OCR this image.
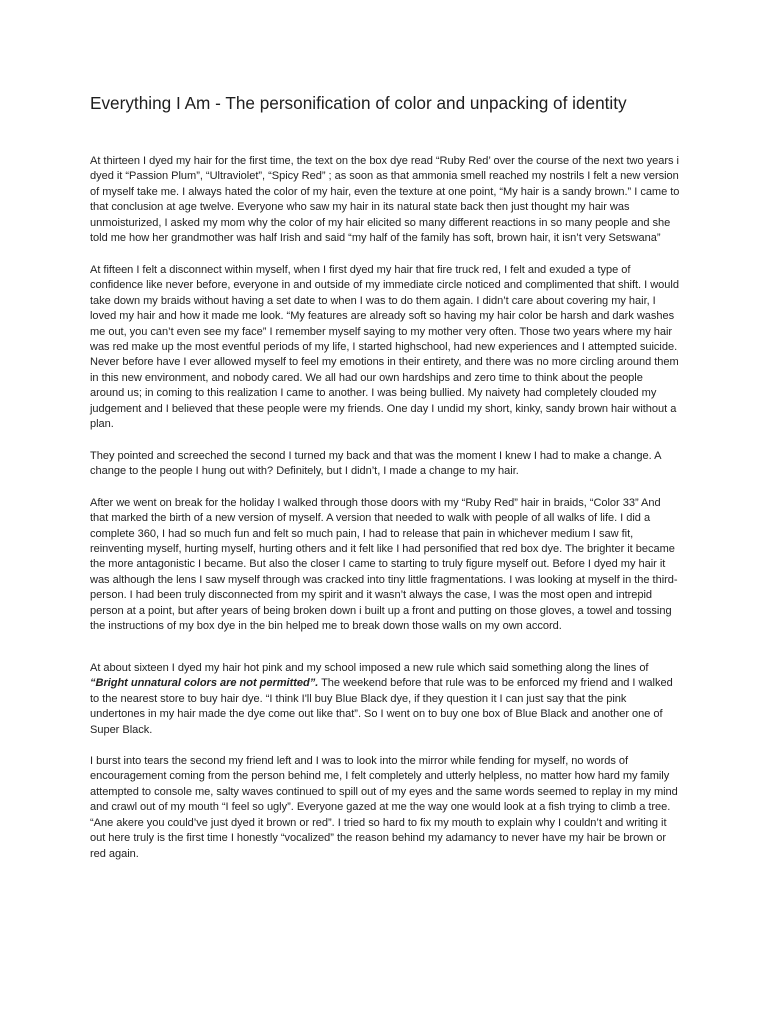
Everything I Am - The personification of color and unpacking of identity

At thirteen I dyed my hair for the first time, the text on the box dye read “Ruby Red’ over the course of the next two years i dyed it “Passion Plum”, “Ultraviolet”, “Spicy Red” ; as soon as that ammonia smell reached my nostrils I felt a new version of myself take me. I always hated the color of my hair, even the texture at one point, “My hair is a sandy brown.” I came to that conclusion at age twelve. Everyone who saw my hair in its natural state back then just thought my hair was unmoisturized, I asked my mom why the color of my hair elicited so many different reactions in so many people and she told me how her grandmother was half Irish and said “my half of the family has soft, brown hair, it isn’t very Setswana”

At fifteen I felt a disconnect within myself, when I first dyed my hair that fire truck red, I felt and exuded a type of confidence like never before, everyone in and outside of my immediate circle noticed and complimented that shift. I would take down my braids without having a set date to when I was to do them again. I didn’t care about covering my hair, I loved my hair and how it made me look. “My features are already soft so having my hair color be harsh and dark washes me out, you can’t even see my face” I remember myself saying to my mother very often. Those two years where my hair was red make up the most eventful periods of my life, I started highschool, had new experiences and I attempted suicide. Never before have I ever allowed myself to feel my emotions in their entirety, and there was no more circling around them in this new environment, and nobody cared. We all had our own hardships and zero time to think about the people around us; in coming to this realization I came to another. I was being bullied. My naivety had completely clouded my judgement and I believed that these people were my friends. One day I undid my short, kinky, sandy brown hair without a plan.

They pointed and screeched the second I turned my back and that was the moment I knew I had to make a change. A change to the people I hung out with? Definitely, but I didn’t, I made a change to my hair.

After we went on break for the holiday I walked through those doors with my “Ruby Red” hair in braids, “Color 33” And that marked the birth of a new version of myself. A version that needed to walk with people of all walks of life. I did a complete 360, I had so much fun and felt so much pain, I had to release that pain in whichever medium I saw fit, reinventing myself, hurting myself, hurting others and it felt like I had personified that red box dye. The brighter it became the more antagonistic I became. But also the closer I came to starting to truly figure myself out. Before I dyed my hair it was although the lens I saw myself through was cracked into tiny little fragmentations. I was looking at myself in the third-person. I had been truly disconnected from my spirit and it wasn’t always the case, I was the most open and intrepid person at a point, but after years of being broken down i built up a front and putting on those gloves, a towel and tossing the instructions of my box dye in the bin helped me to break down those walls on my own accord.

At about sixteen I dyed my hair hot pink and my school imposed a new rule which said something along the lines of “Bright unnatural colors are not permitted”. The weekend before that rule was to be enforced my friend and I walked to the nearest store to buy hair dye. “I think I'll buy Blue Black dye, if they question it I can just say that the pink undertones in my hair made the dye come out like that”. So I went on to buy one box of Blue Black and another one of Super Black.

I burst into tears the second my friend left and I was to look into the mirror while fending for myself, no words of encouragement coming from the person behind me, I felt completely and utterly helpless, no matter how hard my family attempted to console me, salty waves continued to spill out of my eyes and the same words seemed to replay in my mind and crawl out of my mouth “I feel so ugly”. Everyone gazed at me the way one would look at a fish trying to climb a tree. “Ane akere you could’ve just dyed it brown or red”. I tried so hard to fix my mouth to explain why I couldn’t and writing it out here truly is the first time I honestly “vocalized” the reason behind my adamancy to never have my hair be brown or red again.
